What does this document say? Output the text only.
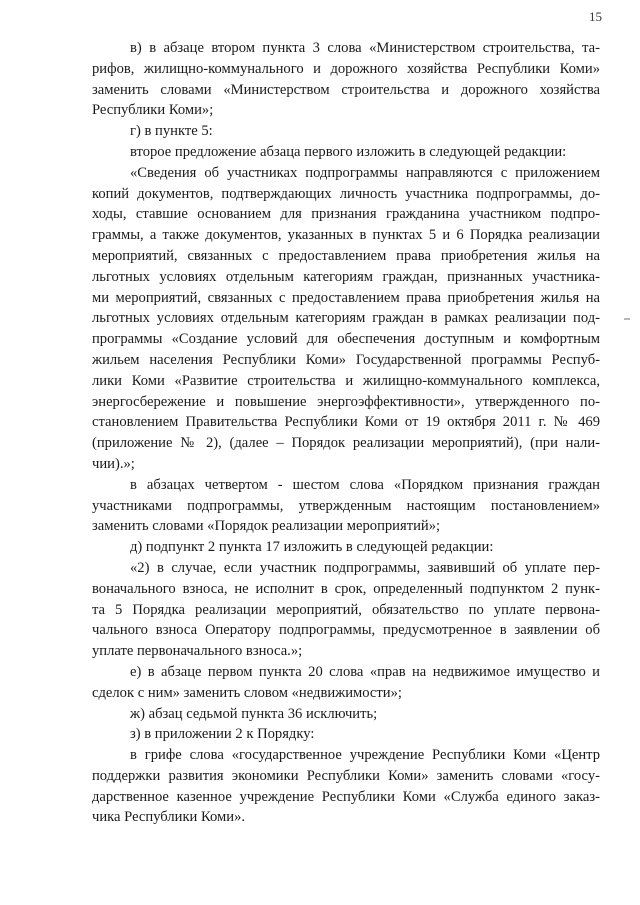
15
в) в абзаце втором пункта 3 слова «Министерством строительства, та-
рифов, жилищно-коммунального и дорожного хозяйства Республики Коми»
заменить словами «Министерством строительства и дорожного хозяйства
Республики Коми»;
г) в пункте 5:
второе предложение абзаца первого изложить в следующей редакции:
«Сведения об участниках подпрограммы направляются с приложением
копий документов, подтверждающих личность участника подпрограммы, до-
ходы, ставшие основанием для признания гражданина участником подпро-
граммы, а также документов, указанных в пунктах 5 и 6 Порядка реализации
мероприятий, связанных с предоставлением права приобретения жилья на
льготных условиях отдельным категориям граждан, признанных участника-
ми мероприятий, связанных с предоставлением права приобретения жилья на
льготных условиях отдельным категориям граждан в рамках реализации под-
программы «Создание условий для обеспечения доступным и комфортным
жильем населения Республики Коми» Государственной программы Респуб-
лики Коми «Развитие строительства и жилищно-коммунального комплекса,
энергосбережение и повышение энергоэффективности», утвержденного по-
становлением Правительства Республики Коми от 19 октября 2011 г. № 469
(приложение № 2), (далее – Порядок реализации мероприятий), (при нали-
чии).»;
в абзацах четвертом - шестом слова «Порядком признания граждан
участниками подпрограммы, утвержденным настоящим постановлением»
заменить словами «Порядок реализации мероприятий»;
д) подпункт 2 пункта 17 изложить в следующей редакции:
«2) в случае, если участник подпрограммы, заявивший об уплате пер-
воначального взноса, не исполнит в срок, определенный подпунктом 2 пунк-
та 5 Порядка реализации мероприятий, обязательство по уплате первона-
чального взноса Оператору подпрограммы, предусмотренное в заявлении об
уплате первоначального взноса.»;
е) в абзаце первом пункта 20 слова «прав на недвижимое имущество и
сделок с ним» заменить словом «недвижимости»;
ж) абзац седьмой пункта 36 исключить;
з) в приложении 2 к Порядку:
в грифе слова «государственное учреждение Республики Коми «Центр
поддержки развития экономики Республики Коми» заменить словами «госу-
дарственное казенное учреждение Республики Коми «Служба единого заказ-
чика Республики Коми».
